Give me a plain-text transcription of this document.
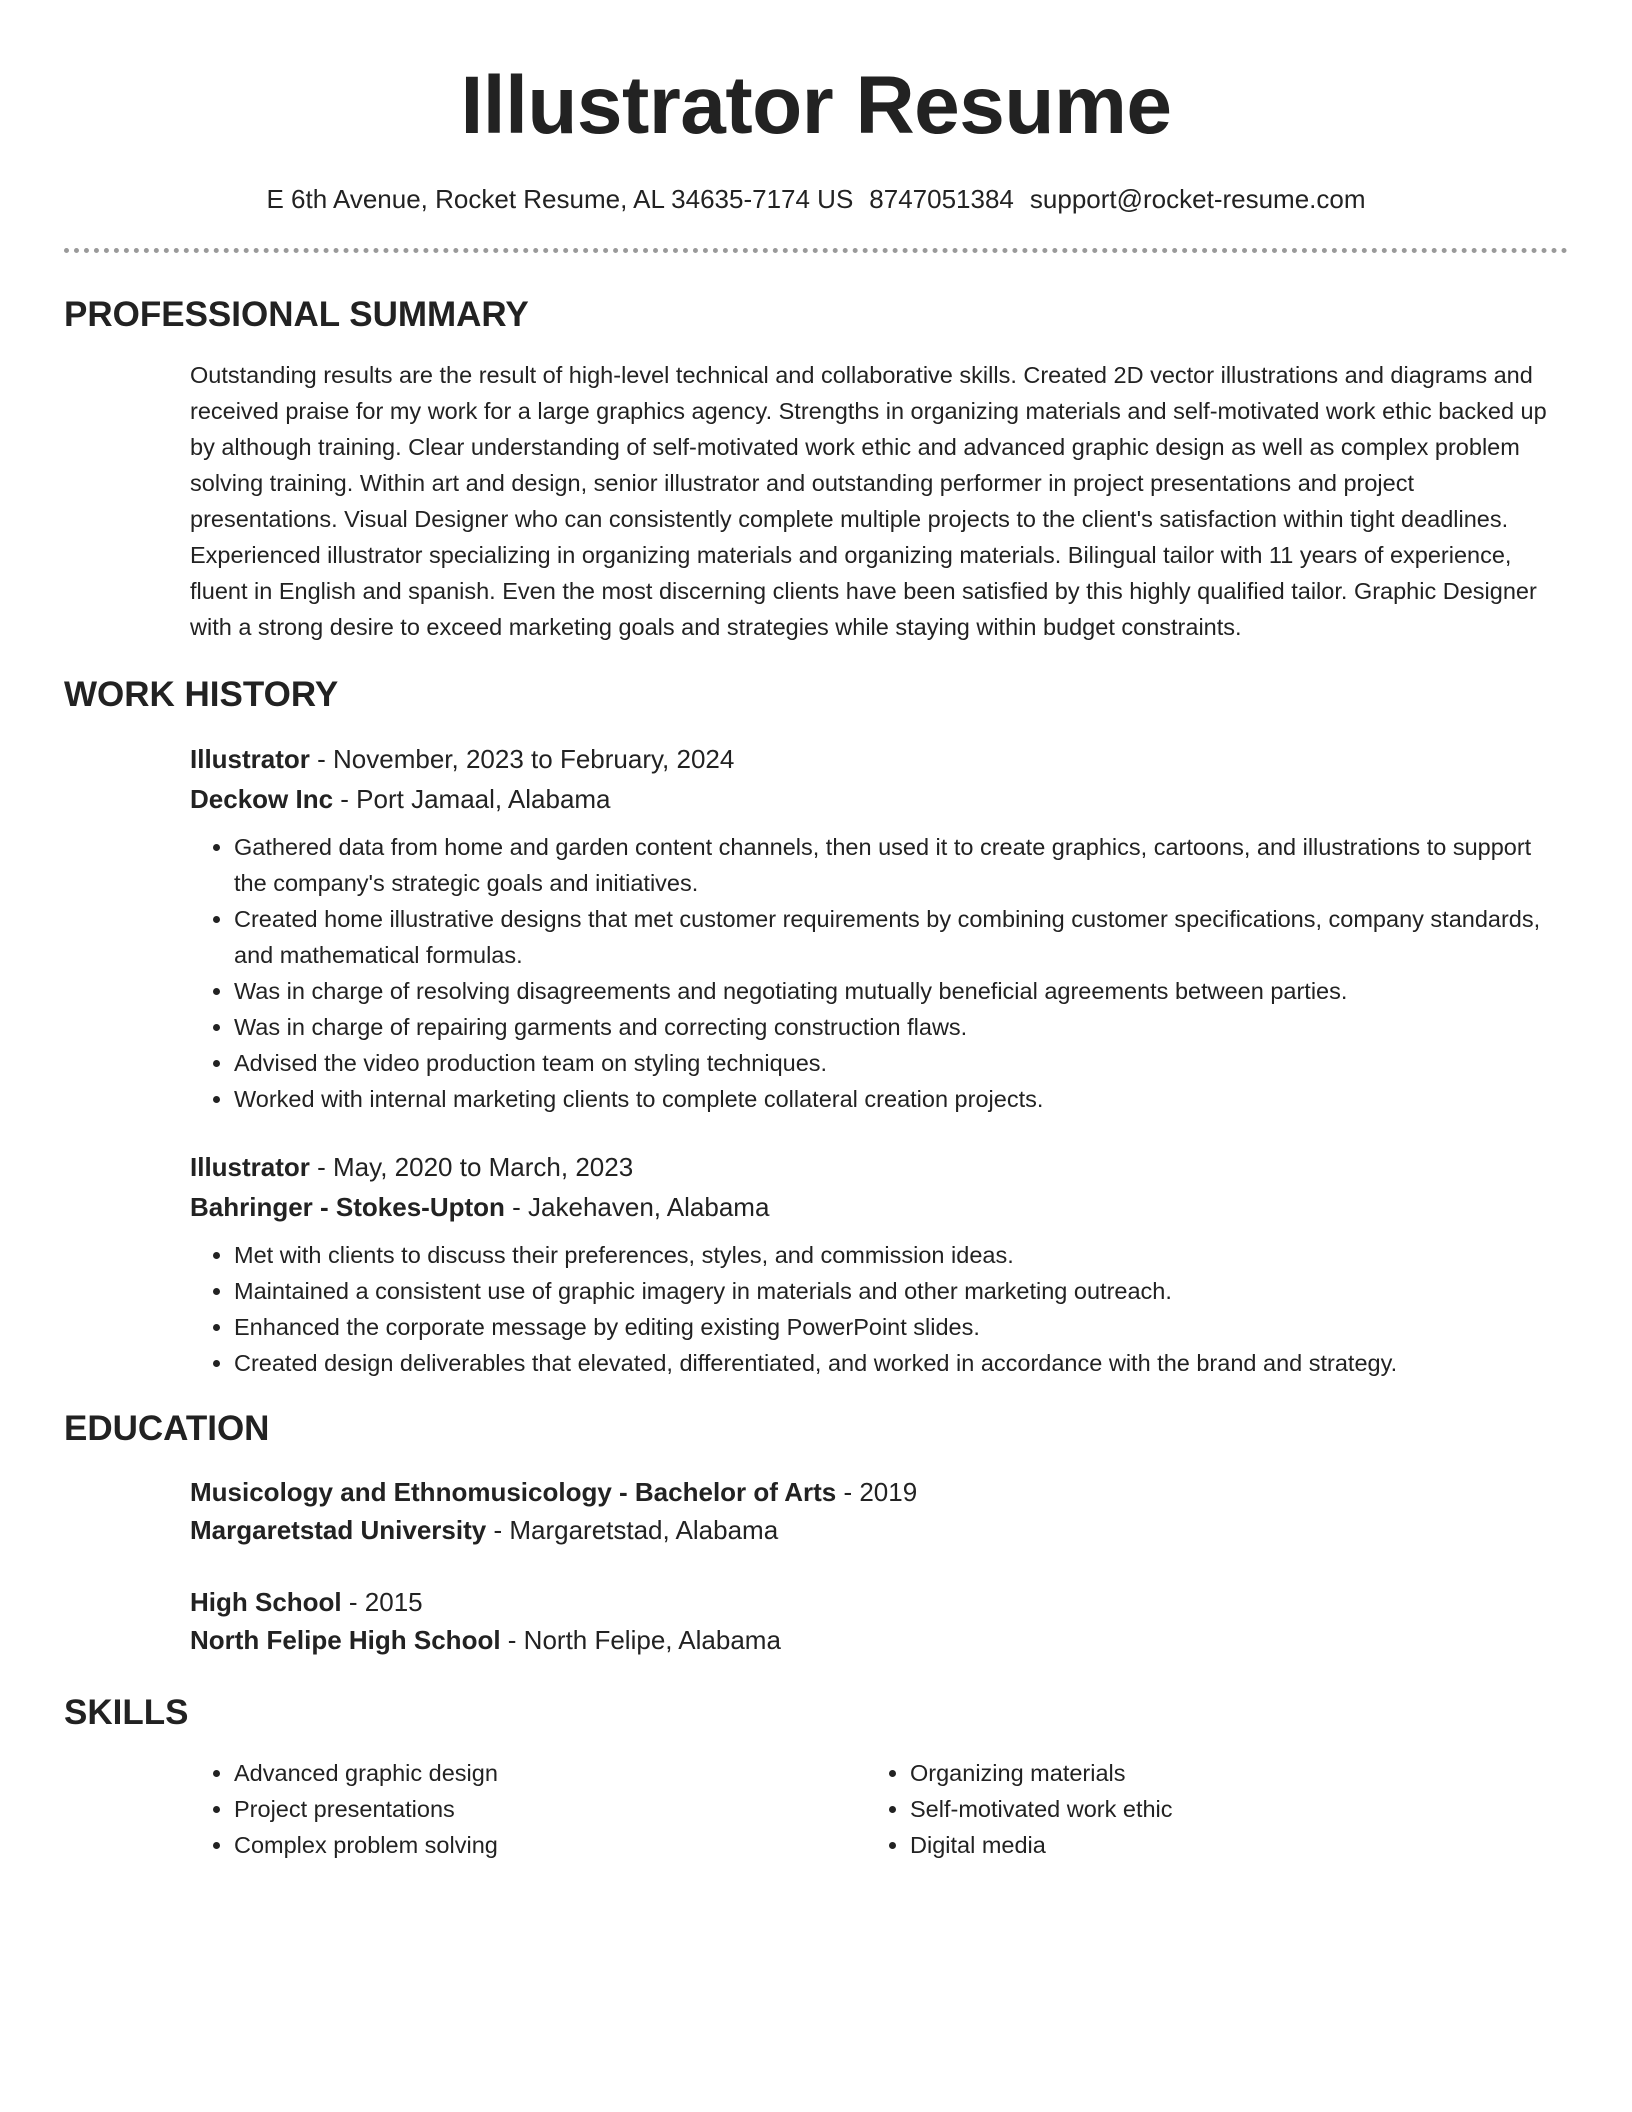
Illustrator Resume
E 6th Avenue, Rocket Resume, AL 34635-7174 US 8747051384 support@rocket-resume.com
PROFESSIONAL SUMMARY

Outstanding results are the result of high-level technical and collaborative skills. Created 2D vector illustrations and diagrams and received praise for my work for a large graphics agency. Strengths in organizing materials and self-motivated work ethic backed up by although training. Clear understanding of self-motivated work ethic and advanced graphic design as well as complex problem solving training. Within art and design, senior illustrator and outstanding performer in project presentations and project presentations. Visual Designer who can consistently complete multiple projects to the client's satisfaction within tight deadlines. Experienced illustrator specializing in organizing materials and organizing materials. Bilingual tailor with 11 years of experience, fluent in English and spanish. Even the most discerning clients have been satisfied by this highly qualified tailor. Graphic Designer with a strong desire to exceed marketing goals and strategies while staying within budget constraints.

WORK HISTORY
Illustrator - November, 2023 to February, 2024
Deckow Inc - Port Jamaal, Alabama
• Gathered data from home and garden content channels, then used it to create graphics, cartoons, and illustrations to support the company's strategic goals and initiatives.
• Created home illustrative designs that met customer requirements by combining customer specifications, company standards, and mathematical formulas.
• Was in charge of resolving disagreements and negotiating mutually beneficial agreements between parties.
• Was in charge of repairing garments and correcting construction flaws.
• Advised the video production team on styling techniques.
• Worked with internal marketing clients to complete collateral creation projects.
Illustrator - May, 2020 to March, 2023
Bahringer - Stokes-Upton - Jakehaven, Alabama
• Met with clients to discuss their preferences, styles, and commission ideas.
• Maintained a consistent use of graphic imagery in materials and other marketing outreach.
• Enhanced the corporate message by editing existing PowerPoint slides.
• Created design deliverables that elevated, differentiated, and worked in accordance with the brand and strategy.
EDUCATION
Musicology and Ethnomusicology - Bachelor of Arts - 2019
Margaretstad University - Margaretstad, Alabama
High School - 2015
North Felipe High School - North Felipe, Alabama
SKILLS
• Advanced graphic design
• Project presentations
• Complex problem solving
• Organizing materials
• Self-motivated work ethic
• Digital media
